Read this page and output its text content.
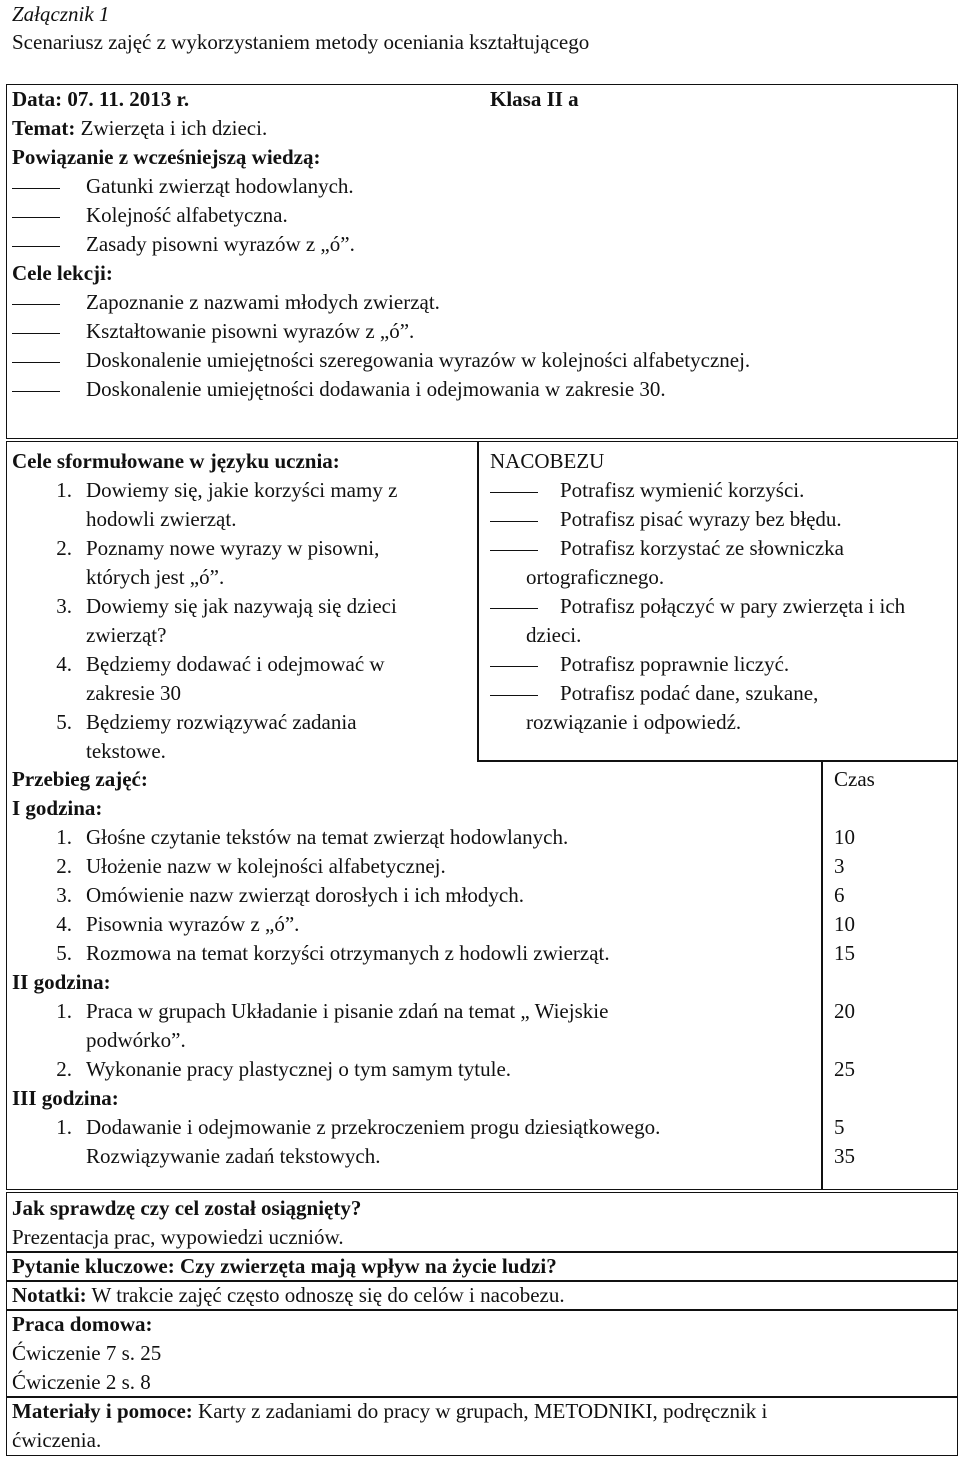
Załącznik 1
Scenariusz zajęć z wykorzystaniem metody oceniania kształtującego
Data: 07. 11. 2013 r.	Klasa II a
Temat: Zwierzęta i ich dzieci.
Powiązanie z wcześniejszą wiedzą:
Gatunki zwierząt hodowlanych.
Kolejność alfabetyczna.
Zasady pisowni wyrazów z „ó”.
Cele lekcji:
Zapoznanie z nazwami młodych zwierząt.
Kształtowanie pisowni wyrazów z „ó”.
Doskonalenie umiejętności szeregowania wyrazów w kolejności alfabetycznej.
Doskonalenie umiejętności dodawania i odejmowania w zakresie 30.
Cele sformułowane w języku ucznia:
1. Dowiemy się, jakie korzyści mamy z
hodowli zwierząt.
2. Poznamy nowe wyrazy w pisowni,
których jest „ó”.
3. Dowiemy się jak nazywają się dzieci
zwierząt?
4. Będziemy dodawać i odejmować w
zakresie 30
5. Będziemy rozwiązywać zadania
tekstowe.
NACOBEZU
Potrafisz wymienić korzyści.
Potrafisz pisać wyrazy bez błędu.
Potrafisz korzystać ze słowniczka
ortograficznego.
Potrafisz połączyć w pary zwierzęta i ich
dzieci.
Potrafisz poprawnie liczyć.
Potrafisz podać dane, szukane,
rozwiązanie i odpowiedź.
Przebieg zajęć:	Czas
I godzina:
1. Głośne czytanie tekstów na temat zwierząt hodowlanych.
2. Ułożenie nazw w kolejności alfabetycznej.
3. Omówienie nazw zwierząt dorosłych i ich młodych.
4. Pisownia wyrazów z „ó”.
5. Rozmowa na temat korzyści otrzymanych z hodowli zwierząt.
10
3
6
10
15
II godzina:
1. Praca w grupach Układanie i pisanie zdań na temat „ Wiejskie
podwórko”.
2. Wykonanie pracy plastycznej o tym samym tytule.
20
25
III godzina:
1. Dodawanie i odejmowanie z przekroczeniem progu dziesiątkowego.
Rozwiązywanie zadań tekstowych.
5
35
Jak sprawdzę czy cel został osiągnięty?
Prezentacja prac, wypowiedzi uczniów.
Pytanie kluczowe: Czy zwierzęta mają wpływ na życie ludzi?
Notatki: W trakcie zajęć często odnoszę się do celów i nacobezu.
Praca domowa:
Ćwiczenie 7 s. 25
Ćwiczenie 2 s. 8
Materiały i pomoce: Karty z zadaniami do pracy w grupach, METODNIKI, podręcznik i
ćwiczenia.
